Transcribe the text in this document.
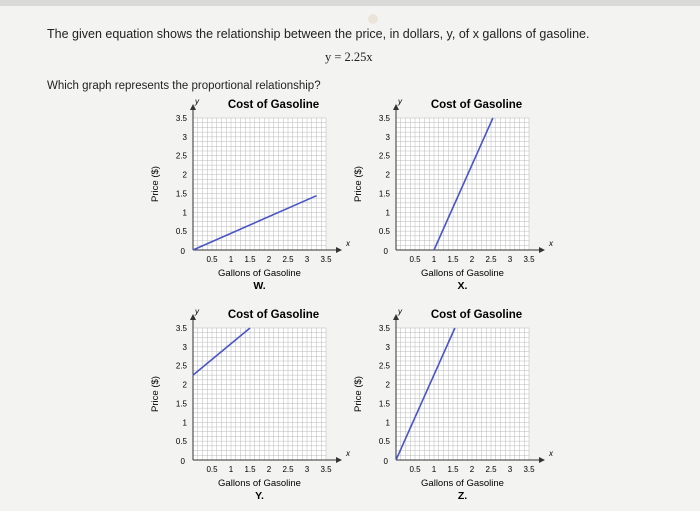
The given equation shows the relationship between the price, in dollars, y, of x gallons of gasoline.
y = 2.25x
Which graph represents the proportional relationship?
x
y	Cost of Gasoline
0.5 1 1.5 2 2.5 3 3.5
0.5
1
1.5
2
2.5
3
3.5
0
Gallons of Gasoline
W.
Price ($)
x
y	Cost of Gasoline
0.5 1 1.5 2 2.5 3 3.5
0.5
1
1.5
2
2.5
3
3.5
0
Gallons of Gasoline
X.
Price ($)
x
y	Cost of Gasoline
0.5 1 1.5 2 2.5 3 3.5
0.5
1
1.5
2
2.5
3
3.5
0
Gallons of Gasoline
Y.
Price ($)
x
y	Cost of Gasoline
0.5 1 1.5 2 2.5 3 3.5
0.5
1
1.5
2
2.5
3
3.5
0
Gallons of Gasoline
Z.
Price ($)
